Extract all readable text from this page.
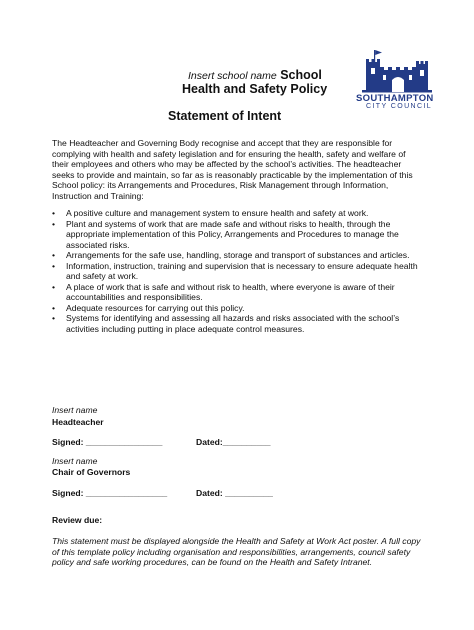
Insert school name School
Health and Safety Policy
Statement of Intent
SOUTHAMPTON
CITY COUNCIL
The Headteacher and Governing Body recognise and accept that they are responsible for complying with health and safety legislation and for ensuring the health, safety and welfare of their employees and others who may be affected by the school’s activities. The headteacher seeks to provide and maintain, so far as is reasonably practicable by the implementation of this School policy: its Arrangements and Procedures, Risk Management through Information, Instruction and Training:
• A positive culture and management system to ensure health and safety at work.
• Plant and systems of work that are made safe and without risks to health, through the appropriate implementation of this Policy, Arrangements and Procedures to manage the associated risks.
• Arrangements for the safe use, handling, storage and transport of substances and articles.
• Information, instruction, training and supervision that is necessary to ensure adequate health and safety at work.
• A place of work that is safe and without risk to health, where everyone is aware of their accountabilities and responsibilities.
• Adequate resources for carrying out this policy.
• Systems for identifying and assessing all hazards and risks associated with the school’s activities including putting in place adequate control measures.
Insert name
Headteacher
Signed: ________________	Dated:__________
Insert name
Chair of Governors
Signed: _________________	Dated: __________
Review due:
This statement must be displayed alongside the Health and Safety at Work Act poster. A full copy of this template policy including organisation and responsibilities, arrangements, council safety policy and safe working procedures, can be found on the Health and Safety Intranet.
